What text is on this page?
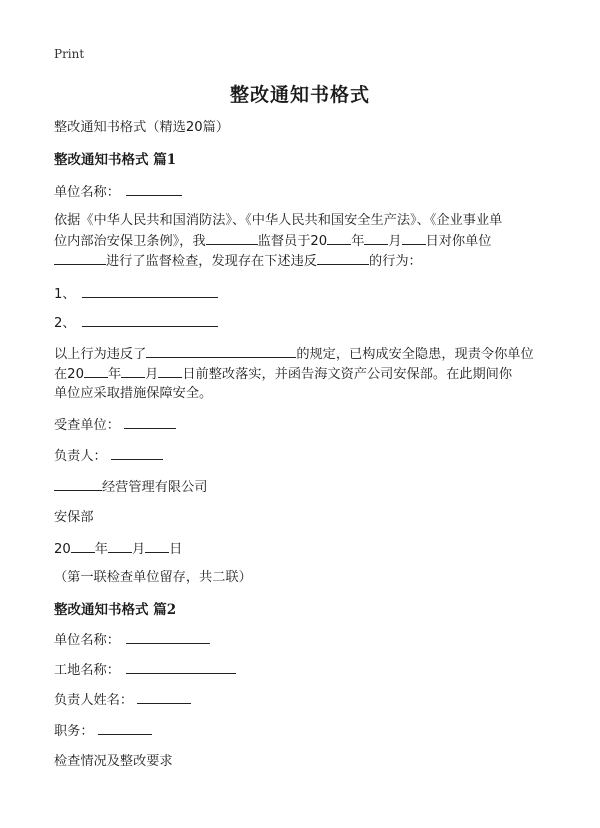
Print
整改通知书格式
整改通知书格式（精选20篇）
整改通知书格式 篇1
单位名称：
依据《中华人民共和国消防法》、《中华人民共和国安全生产法》、《企业事业单
位内部治安保卫条例》，我	监督员于20 年 月 日对你单位
进行了监督检查，发现存在下述违反	的行为：
1、
2、
以上行为违反了	的规定，已构成安全隐患，现责令你单位
在20 年 月 日前整改落实，并函告海文资产公司安保部。在此期间你
单位应采取措施保障安全。
受查单位：
负责人：
经营管理有限公司
安保部
20 年 月 日
（第一联检查单位留存，共二联）
整改通知书格式 篇2
单位名称：
工地名称：
负责人姓名：
职务：
检查情况及整改要求
